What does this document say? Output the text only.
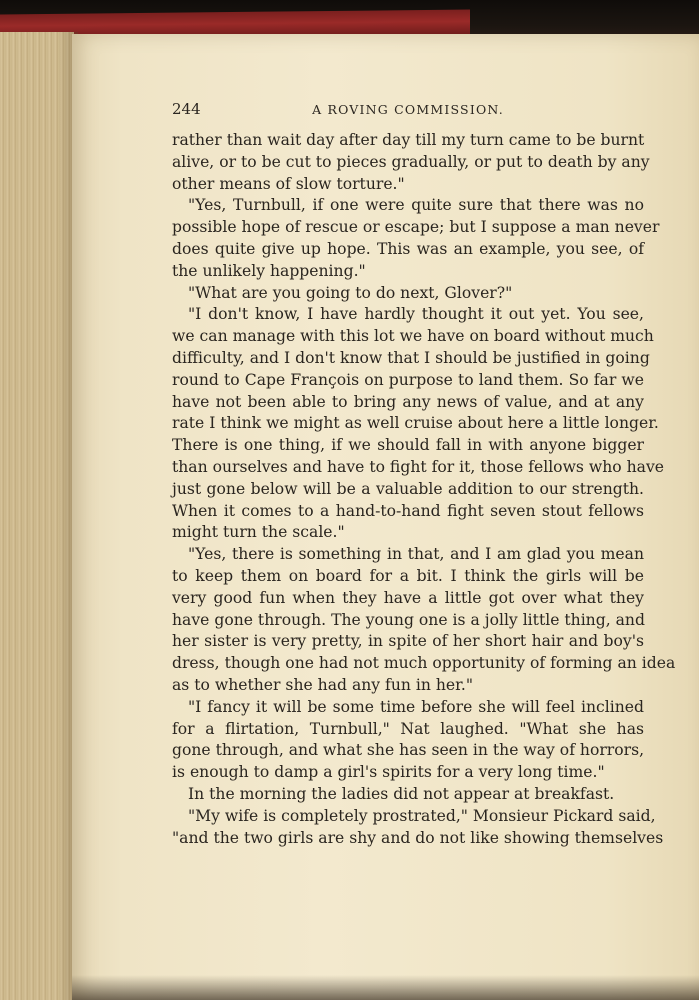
244	A ROVING COMMISSION.
rather than wait day after day till my turn came to be burnt
alive, or to be cut to pieces gradually, or put to death by any
other means of slow torture."
"Yes, Turnbull, if one were quite sure that there was no
possible hope of rescue or escape; but I suppose a man never
does quite give up hope. This was an example, you see, of
the unlikely happening."
"What are you going to do next, Glover?"
"I don't know, I have hardly thought it out yet. You see,
we can manage with this lot we have on board without much
difficulty, and I don't know that I should be justified in going
round to Cape François on purpose to land them. So far we
have not been able to bring any news of value, and at any
rate I think we might as well cruise about here a little longer.
There is one thing, if we should fall in with anyone bigger
than ourselves and have to fight for it, those fellows who have
just gone below will be a valuable addition to our strength.
When it comes to a hand-to-hand fight seven stout fellows
might turn the scale."
"Yes, there is something in that, and I am glad you mean
to keep them on board for a bit. I think the girls will be
very good fun when they have a little got over what they
have gone through. The young one is a jolly little thing, and
her sister is very pretty, in spite of her short hair and boy's
dress, though one had not much opportunity of forming an idea
as to whether she had any fun in her."
"I fancy it will be some time before she will feel inclined
for a flirtation, Turnbull," Nat laughed. "What she has
gone through, and what she has seen in the way of horrors,
is enough to damp a girl's spirits for a very long time."
In the morning the ladies did not appear at breakfast.
"My wife is completely prostrated," Monsieur Pickard said,
"and the two girls are shy and do not like showing themselves
